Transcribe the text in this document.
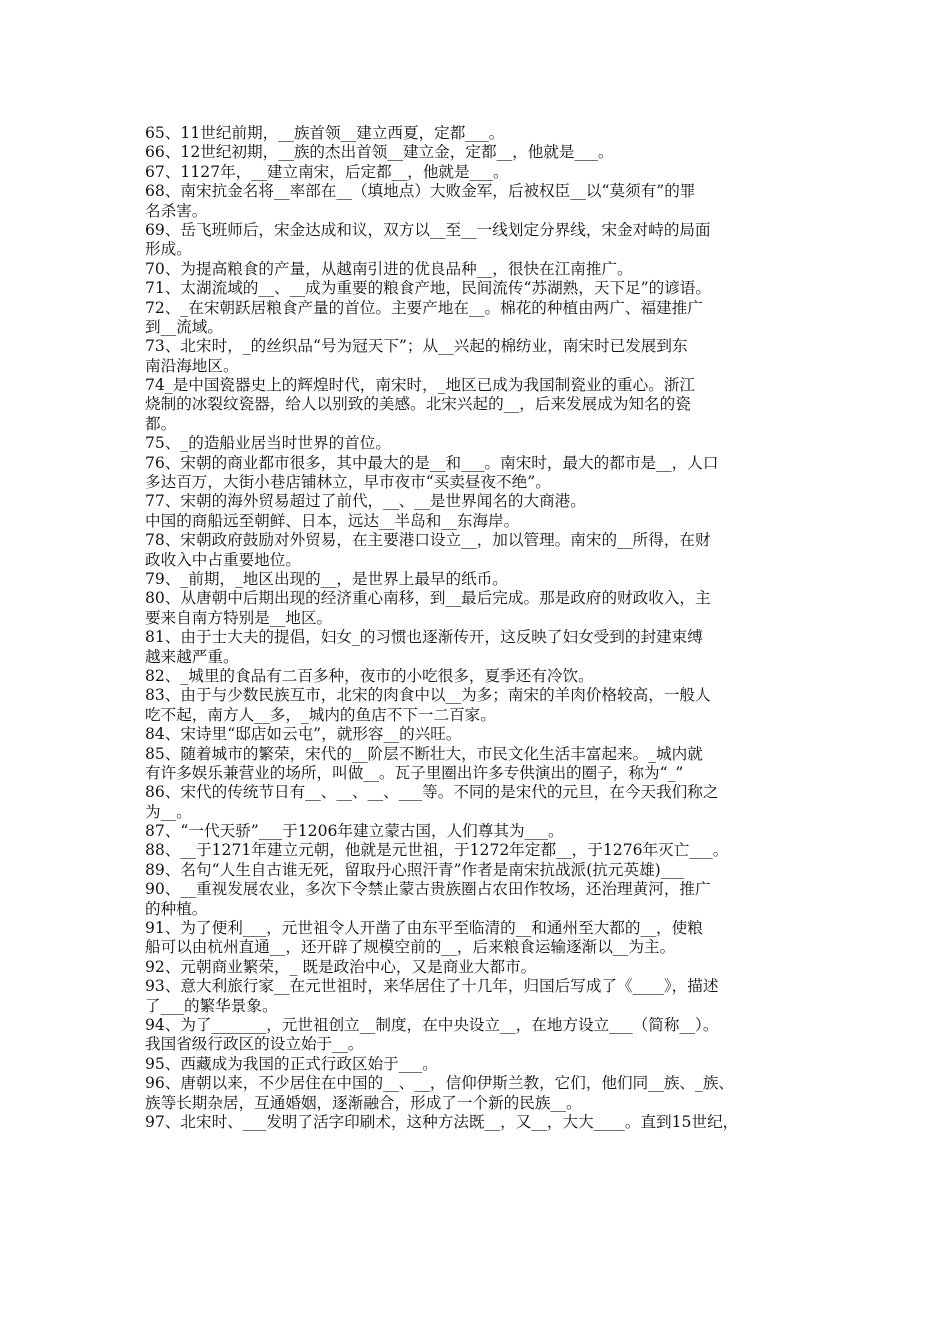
65、11世纪前期，__族首领__建立西夏，定都___。
66、12世纪初期，__族的杰出首领__建立金，定都__，他就是___。
67、1127年，__建立南宋，后定都__，他就是___。
68、南宋抗金名将__率部在__（填地点）大败金军，后被权臣__以“莫须有”的罪
名杀害。
69、岳飞班师后，宋金达成和议，双方以__至__一线划定分界线，宋金对峙的局面
形成。
70、为提高粮食的产量，从越南引进的优良品种__，很快在江南推广。
71、太湖流域的__、__成为重要的粮食产地，民间流传“苏湖熟，天下足”的谚语。
72、_在宋朝跃居粮食产量的首位。主要产地在__。棉花的种植由两广、福建推广
到__流域。
73、北宋时，_的丝织品“号为冠天下”；从__兴起的棉纺业，南宋时已发展到东
南沿海地区。
74_是中国瓷器史上的辉煌时代，南宋时，_地区已成为我国制瓷业的重心。浙江
烧制的冰裂纹瓷器，给人以别致的美感。北宋兴起的__，后来发展成为知名的瓷
都。
75、_的造船业居当时世界的首位。
76、宋朝的商业都市很多，其中最大的是__和___。南宋时，最大的都市是__，人口
多达百万，大街小巷店铺林立，早市夜市“买卖昼夜不绝”。
77、宋朝的海外贸易超过了前代，__、__是世界闻名的大商港。
中国的商船远至朝鲜、日本，远达__半岛和__东海岸。
78、宋朝政府鼓励对外贸易，在主要港口设立__，加以管理。南宋的__所得，在财
政收入中占重要地位。
79、_前期，_地区出现的__，是世界上最早的纸币。
80、从唐朝中后期出现的经济重心南移，到__最后完成。那是政府的财政收入，主
要来自南方特别是__地区。
81、由于士大夫的提倡，妇女_的习惯也逐渐传开，这反映了妇女受到的封建束缚
越来越严重。
82、_城里的食品有二百多种，夜市的小吃很多，夏季还有冷饮。
83、由于与少数民族互市，北宋的肉食中以__为多；南宋的羊肉价格较高，一般人
吃不起，南方人__多，_城内的鱼店不下一二百家。
84、宋诗里“邸店如云屯”，就形容__的兴旺。
85、随着城市的繁荣，宋代的__阶层不断壮大，市民文化生活丰富起来。_城内就
有许多娱乐兼营业的场所，叫做__。瓦子里圈出许多专供演出的圈子，称为“_”
86、宋代的传统节日有__、__、__、___等。不同的是宋代的元旦，在今天我们称之
为__。
87、“一代天骄”___于1206年建立蒙古国，人们尊其为___。
88、__于1271年建立元朝，他就是元世祖，于1272年定都__，于1276年灭亡___。
89、名句“人生自古谁无死，留取丹心照汗青”作者是南宋抗战派(抗元英雄)___
90、__重视发展农业，多次下令禁止蒙古贵族圈占农田作牧场，还治理黄河，推广
的种植。
91、为了便利___，元世祖令人开凿了由东平至临清的__和通州至大都的__，使粮
船可以由杭州直通__，还开辟了规模空前的__，后来粮食运输逐渐以__为主。
92、元朝商业繁荣，_ 既是政治中心，又是商业大都市。
93、意大利旅行家__在元世祖时，来华居住了十几年，归国后写成了《____》，描述
了___的繁华景象。
94、为了_______，元世祖创立__制度，在中央设立__，在地方设立___（简称__）。
我国省级行政区的设立始于__。
95、西藏成为我国的正式行政区始于___。
96、唐朝以来，不少居住在中国的__、__，信仰伊斯兰教，它们，他们同__族、_族、
族等长期杂居，互通婚姻，逐渐融合，形成了一个新的民族__。
97、北宋时、___发明了活字印刷术，这种方法既__，又__，大大____。直到15世纪，
